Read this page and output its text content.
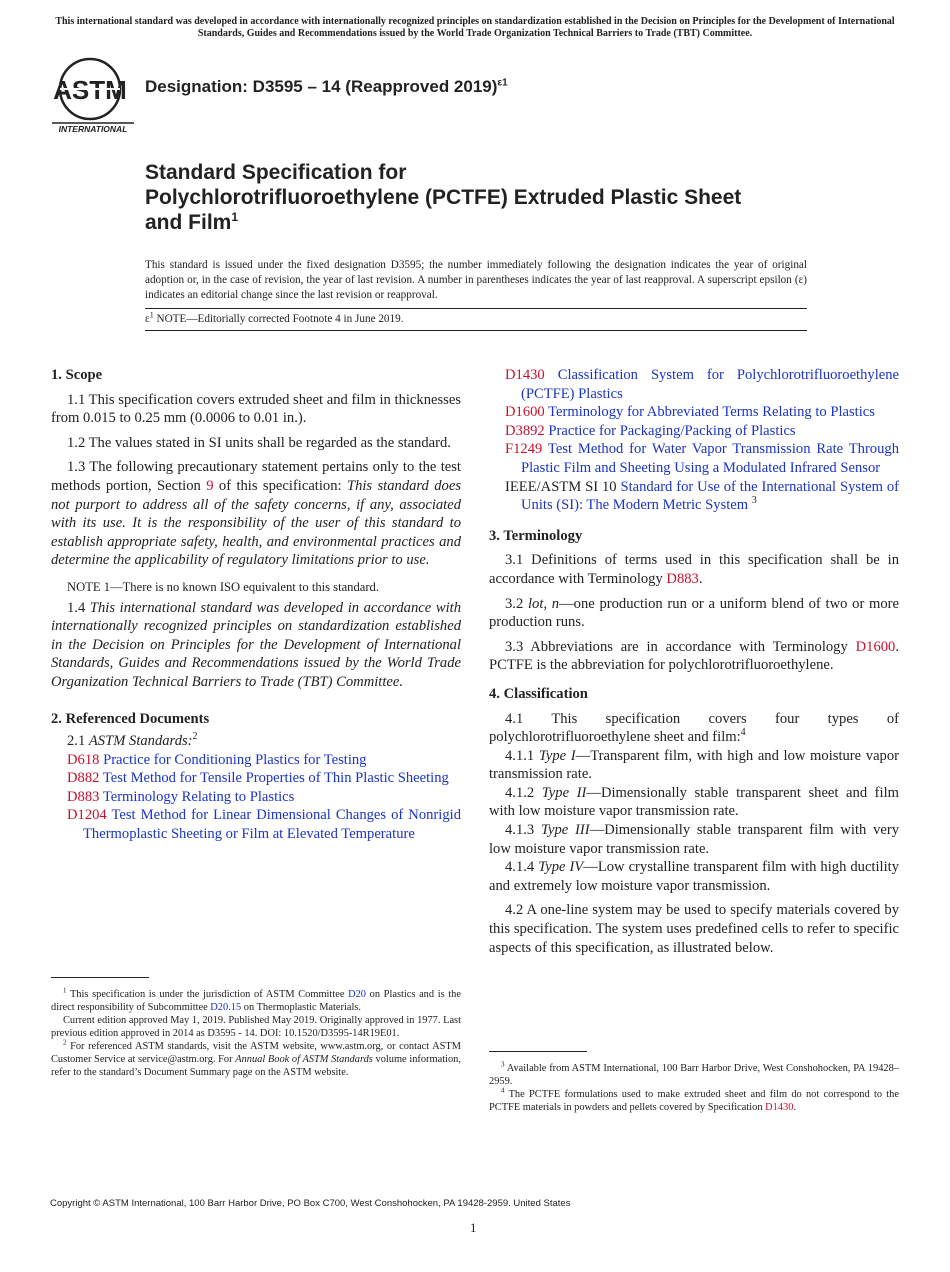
This international standard was developed in accordance with internationally recognized principles on standardization established in the Decision on Principles for the Development of International Standards, Guides and Recommendations issued by the World Trade Organization Technical Barriers to Trade (TBT) Committee.
ASTM
INTERNATIONAL
Designation: D3595 – 14 (Reapproved 2019)$^{\varepsilon 1}$
Standard Specification for
Polychlorotrifluoroethylene (PCTFE) Extruded Plastic Sheet
and Film$^1$
This standard is issued under the fixed designation D3595; the number immediately following the designation indicates the year of original adoption or, in the case of revision, the year of last revision. A number in parentheses indicates the year of last reapproval. A superscript epsilon (ε) indicates an editorial change since the last revision or reapproval.
$\varepsilon^1$ NOTE—Editorially corrected Footnote 4 in June 2019.

1. Scope

1.1 This specification covers extruded sheet and film in thicknesses from 0.015 to 0.25 mm (0.0006 to 0.01 in.).

1.2 The values stated in SI units shall be regarded as the standard.

1.3 The following precautionary statement pertains only to the test methods portion, Section 9 of this specification: This standard does not purport to address all of the safety concerns, if any, associated with its use. It is the responsibility of the user of this standard to establish appropriate safety, health, and environmental practices and determine the applicability of regulatory limitations prior to use.

NOTE 1—There is no known ISO equivalent to this standard.

1.4 This international standard was developed in accordance with internationally recognized principles on standardization established in the Decision on Principles for the Development of International Standards, Guides and Recommendations issued by the World Trade Organization Technical Barriers to Trade (TBT) Committee.

2. Referenced Documents

2.1 ASTM Standards:$^2$

D618 Practice for Conditioning Plastics for Testing

D882 Test Method for Tensile Properties of Thin Plastic Sheeting

D883 Terminology Relating to Plastics

D1204 Test Method for Linear Dimensional Changes of Nonrigid Thermoplastic Sheeting or Film at Elevated Temperature

$^1$ This specification is under the jurisdiction of ASTM Committee D20 on Plastics and is the direct responsibility of Subcommittee D20.15 on Thermoplastic Materials.

Current edition approved May 1, 2019. Published May 2019. Originally approved in 1977. Last previous edition approved in 2014 as D3595 - 14. DOI: 10.1520/D3595-14R19E01.

$^2$ For referenced ASTM standards, visit the ASTM website, www.astm.org, or contact ASTM Customer Service at service@astm.org. For Annual Book of ASTM Standards volume information, refer to the standard’s Document Summary page on the ASTM website.

D1430 Classification System for Polychlorotrifluoroethylene (PCTFE) Plastics

D1600 Terminology for Abbreviated Terms Relating to Plastics

D3892 Practice for Packaging/Packing of Plastics

F1249 Test Method for Water Vapor Transmission Rate Through Plastic Film and Sheeting Using a Modulated Infrared Sensor

IEEE/ASTM SI 10 Standard for Use of the International System of Units (SI): The Modern Metric System $^3$

3. Terminology

3.1 Definitions of terms used in this specification shall be in accordance with Terminology D883.

3.2 lot, n—one production run or a uniform blend of two or more production runs.

3.3 Abbreviations are in accordance with Terminology D1600. PCTFE is the abbreviation for polychlorotrifluoroethylene.

4. Classification

4.1 This specification covers four types of polychlorotrifluoroethylene sheet and film:$^4$

4.1.1 Type I—Transparent film, with high and low moisture vapor transmission rate.

4.1.2 Type II—Dimensionally stable transparent sheet and film with low moisture vapor transmission rate.

4.1.3 Type III—Dimensionally stable transparent film with very low moisture vapor transmission rate.

4.1.4 Type IV—Low crystalline transparent film with high ductility and extremely low moisture vapor transmission.

4.2 A one-line system may be used to specify materials covered by this specification. The system uses predefined cells to refer to specific aspects of this specification, as illustrated below.

$^3$ Available from ASTM International, 100 Barr Harbor Drive, West Conshohocken, PA 19428–2959.

$^4$ The PCTFE formulations used to make extruded sheet and film do not correspond to the PCTFE materials in powders and pellets covered by Specification D1430.

Copyright © ASTM International, 100 Barr Harbor Drive, PO Box C700, West Conshohocken, PA 19428-2959. United States
1
